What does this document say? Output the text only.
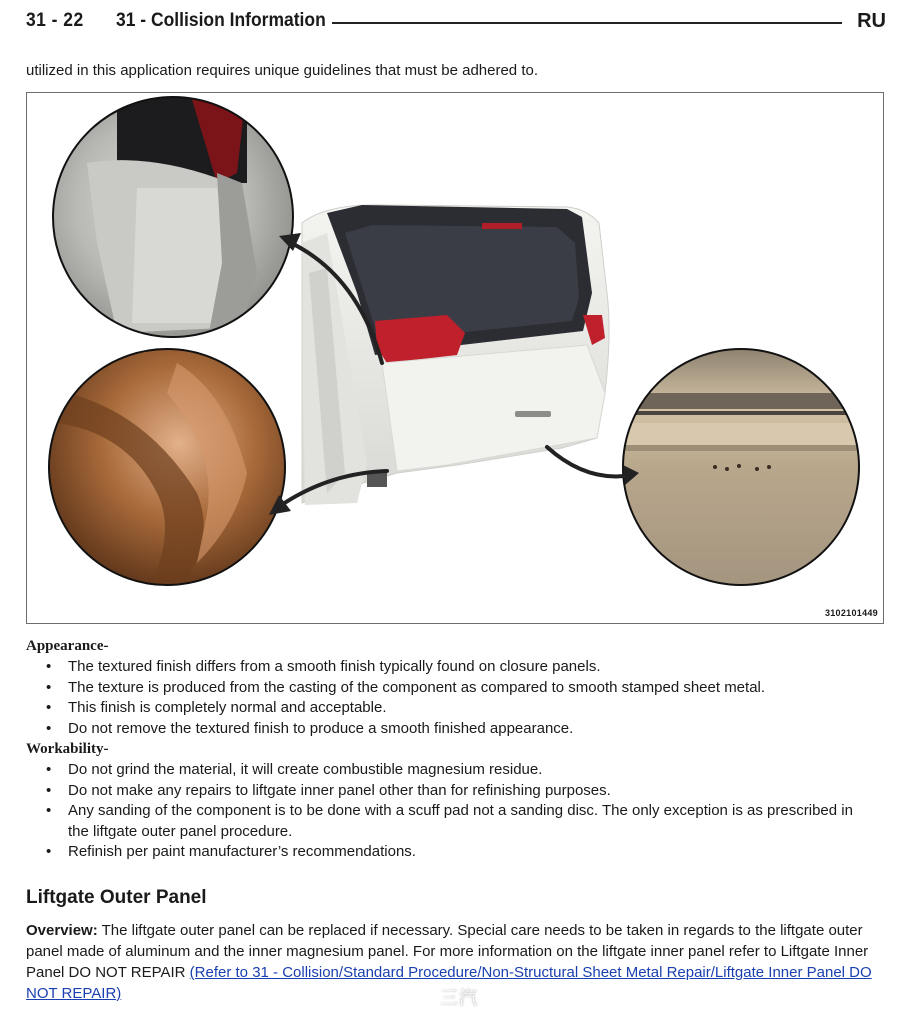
31 - 22 31 - Collision Information	RU
utilized in this application requires unique guidelines that must be adhered to.
3102101449
Appearance-
• The textured finish differs from a smooth finish typically found on closure panels.
• The texture is produced from the casting of the component as compared to smooth stamped sheet metal.
• This finish is completely normal and acceptable.
• Do not remove the textured finish to produce a smooth finished appearance.
Workability-
• Do not grind the material, it will create combustible magnesium residue.
• Do not make any repairs to liftgate inner panel other than for refinishing purposes.
• Any sanding of the component is to be done with a scuff pad not a sanding disc. The only exception is as prescribed in the liftgate outer panel procedure.
• Refinish per paint manufacturer’s recommendations.
Liftgate Outer Panel
Overview: The liftgate outer panel can be replaced if necessary. Special care needs to be taken in regards to the liftgate outer panel made of aluminum and the inner magnesium panel. For more information on the liftgate inner panel refer to Liftgate Inner Panel DO NOT REPAIR (Refer to 31 - Collision/Standard Procedure/Non-Structural Sheet Metal Repair/Liftgate Inner Panel DO NOT REPAIR)	三汽
